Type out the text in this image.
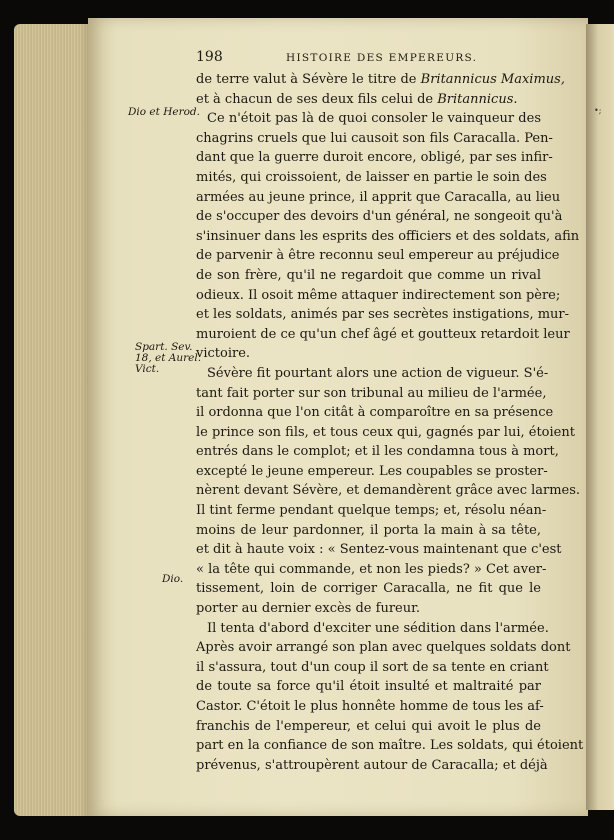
•;
198	HISTOIRE DES EMPEREURS.
Dio et Herod.
Spart. Sev.
18, et Aurel.
Vict.
Dio.
de terre valut à Sévère le titre de Britannicus Maximus,
et à chacun de ses deux fils celui de Britannicus.
Ce n'étoit pas là de quoi consoler le vainqueur des
chagrins cruels que lui causoit son fils Caracalla. Pen-
dant que la guerre duroit encore, obligé, par ses infir-
mités, qui croissoient, de laisser en partie le soin des
armées au jeune prince, il apprit que Caracalla, au lieu
de s'occuper des devoirs d'un général, ne songeoit qu'à
s'insinuer dans les esprits des officiers et des soldats, afin
de parvenir à être reconnu seul empereur au préjudice
de son frère, qu'il ne regardoit que comme un rival
odieux. Il osoit même attaquer indirectement son père;
et les soldats, animés par ses secrètes instigations, mur-
muroient de ce qu'un chef âgé et goutteux retardoit leur
victoire.
Sévère fit pourtant alors une action de vigueur. S'é-
tant fait porter sur son tribunal au milieu de l'armée,
il ordonna que l'on citât à comparoître en sa présence
le prince son fils, et tous ceux qui, gagnés par lui, étoient
entrés dans le complot; et il les condamna tous à mort,
excepté le jeune empereur. Les coupables se proster-
nèrent devant Sévère, et demandèrent grâce avec larmes.
Il tint ferme pendant quelque temps; et, résolu néan-
moins de leur pardonner, il porta la main à sa tête,
et dit à haute voix : « Sentez-vous maintenant que c'est
« la tête qui commande, et non les pieds? » Cet aver-
tissement, loin de corriger Caracalla, ne fit que le
porter au dernier excès de fureur.
Il tenta d'abord d'exciter une sédition dans l'armée.
Après avoir arrangé son plan avec quelques soldats dont
il s'assura, tout d'un coup il sort de sa tente en criant
de toute sa force qu'il étoit insulté et maltraité par
Castor. C'étoit le plus honnête homme de tous les af-
franchis de l'empereur, et celui qui avoit le plus de
part en la confiance de son maître. Les soldats, qui étoient
prévenus, s'attroupèrent autour de Caracalla; et déjà
